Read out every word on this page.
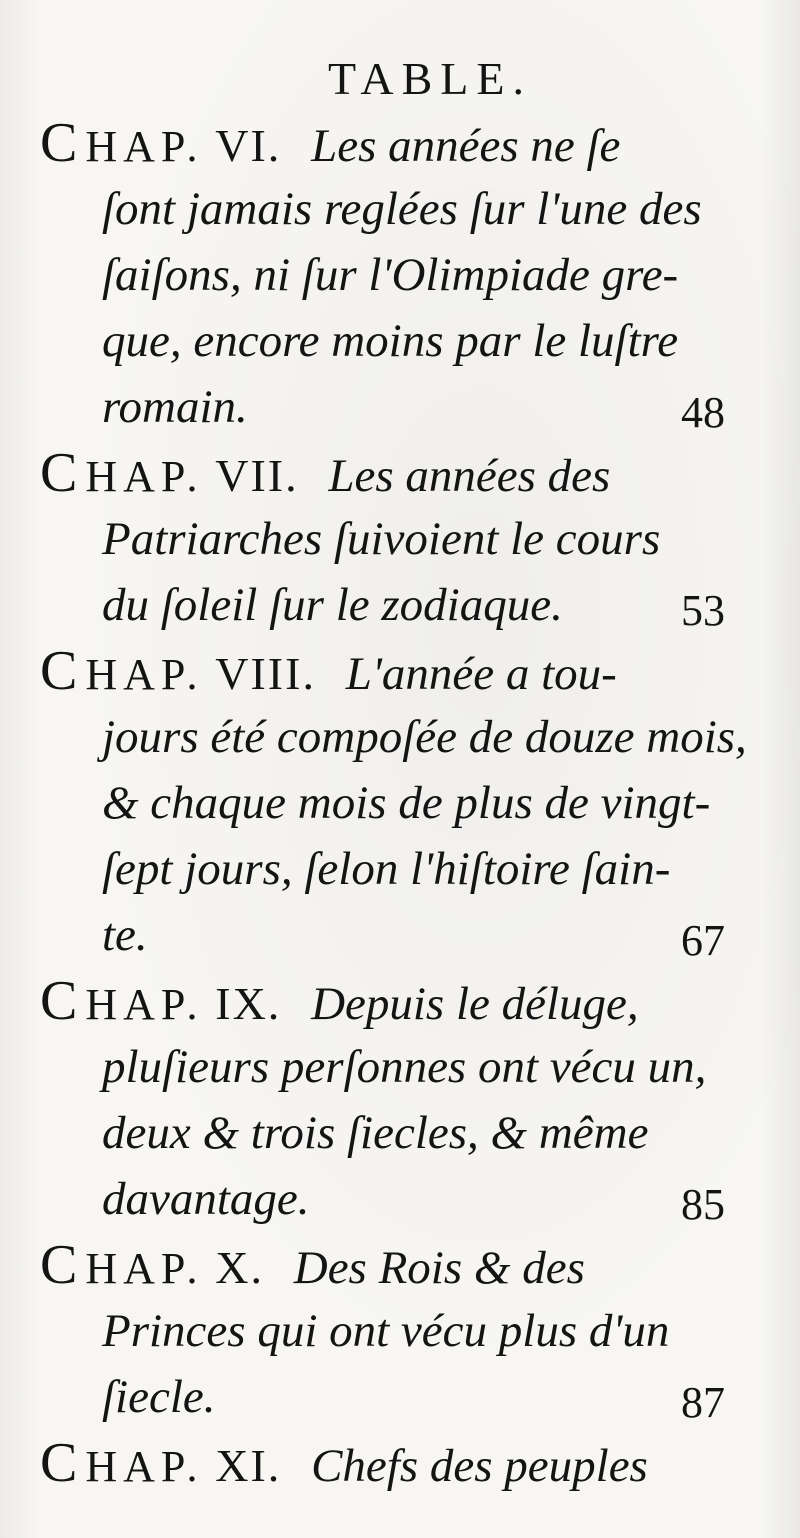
TABLE.
CHAP. VI. Les années ne ſe
ſont jamais reglées ſur l'une des
ſaiſons, ni ſur l'Olimpiade gre-
que, encore moins par le luſtre
romain.	48
CHAP. VII. Les années des
Patriarches ſuivoient le cours
du ſoleil ſur le zodiaque.	53
CHAP. VIII. L'année a tou-
jours été compoſée de douze mois,
& chaque mois de plus de vingt-
ſept jours, ſelon l'hiſtoire ſain-
te.	67
CHAP. IX. Depuis le déluge,
pluſieurs perſonnes ont vécu un,
deux & trois ſiecles, & même
davantage.	85
CHAP. X. Des Rois & des
Princes qui ont vécu plus d'un
ſiecle.	87
CHAP. XI. Chefs des peuples
